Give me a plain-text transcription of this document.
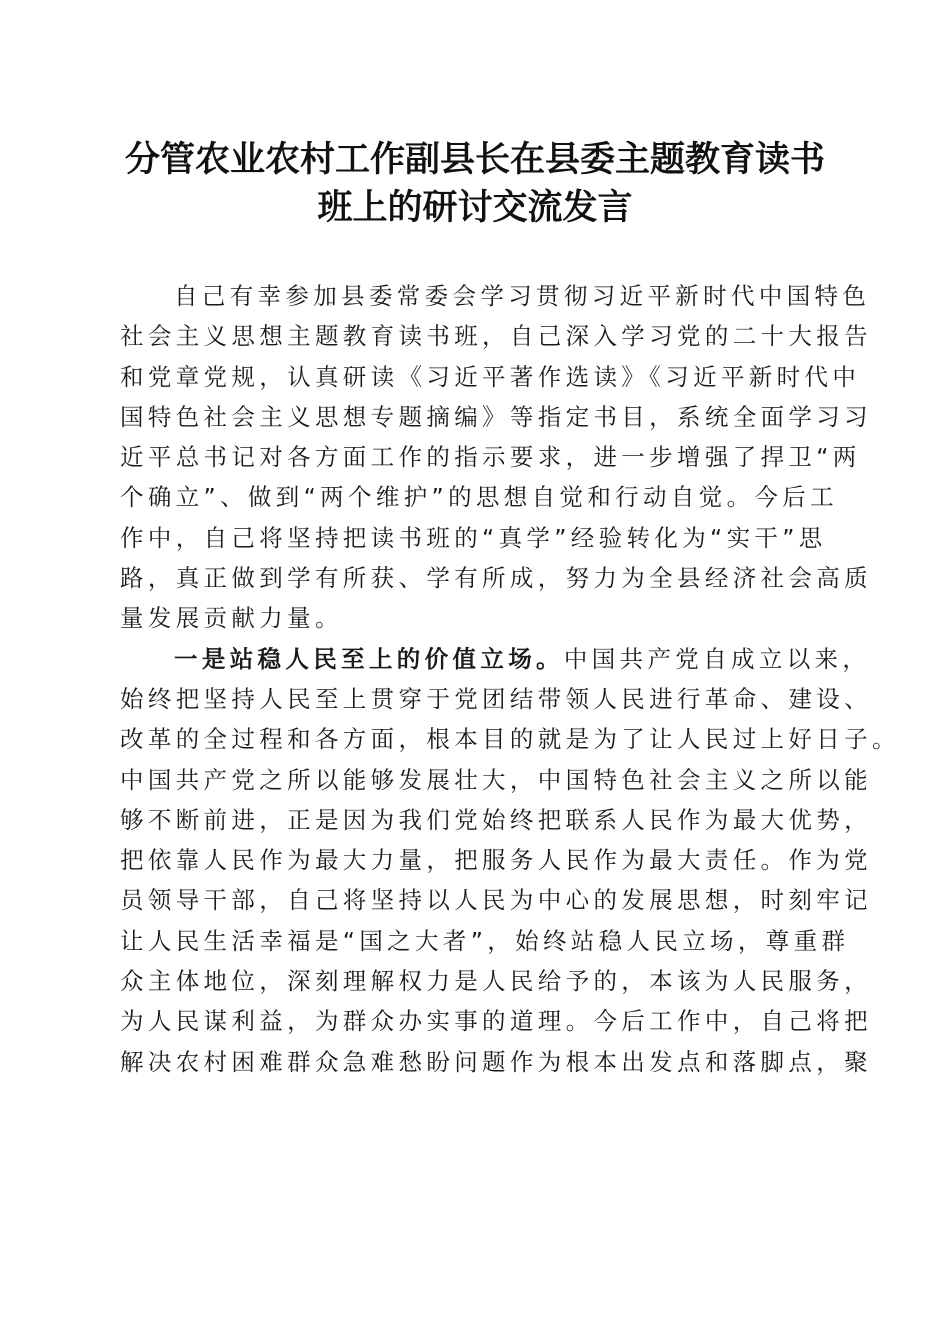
分管农业农村工作副县长在县委主题教育读书
班上的研讨交流发言

自己有幸参加县委常委会学习贯彻习近平新时代中国特色
社会主义思想主题教育读书班，自己深入学习党的二十大报告
和党章党规，认真研读《习近平著作选读》《习近平新时代中
国特色社会主义思想专题摘编》等指定书目，系统全面学习习
近平总书记对各方面工作的指示要求，进一步增强了捍卫“两
个确立”、做到“两个维护”的思想自觉和行动自觉。今后工
作中，自己将坚持把读书班的“真学”经验转化为“实干”思
路，真正做到学有所获、学有所成，努力为全县经济社会高质
量发展贡献力量。

一是站稳人民至上的价值立场。中国共产党自成立以来，
始终把坚持人民至上贯穿于党团结带领人民进行革命、建设、
改革的全过程和各方面，根本目的就是为了让人民过上好日子。
中国共产党之所以能够发展壮大，中国特色社会主义之所以能
够不断前进，正是因为我们党始终把联系人民作为最大优势，
把依靠人民作为最大力量，把服务人民作为最大责任。作为党
员领导干部，自己将坚持以人民为中心的发展思想，时刻牢记
让人民生活幸福是“国之大者”，始终站稳人民立场，尊重群
众主体地位，深刻理解权力是人民给予的，本该为人民服务，
为人民谋利益，为群众办实事的道理。今后工作中，自己将把
解决农村困难群众急难愁盼问题作为根本出发点和落脚点，聚
